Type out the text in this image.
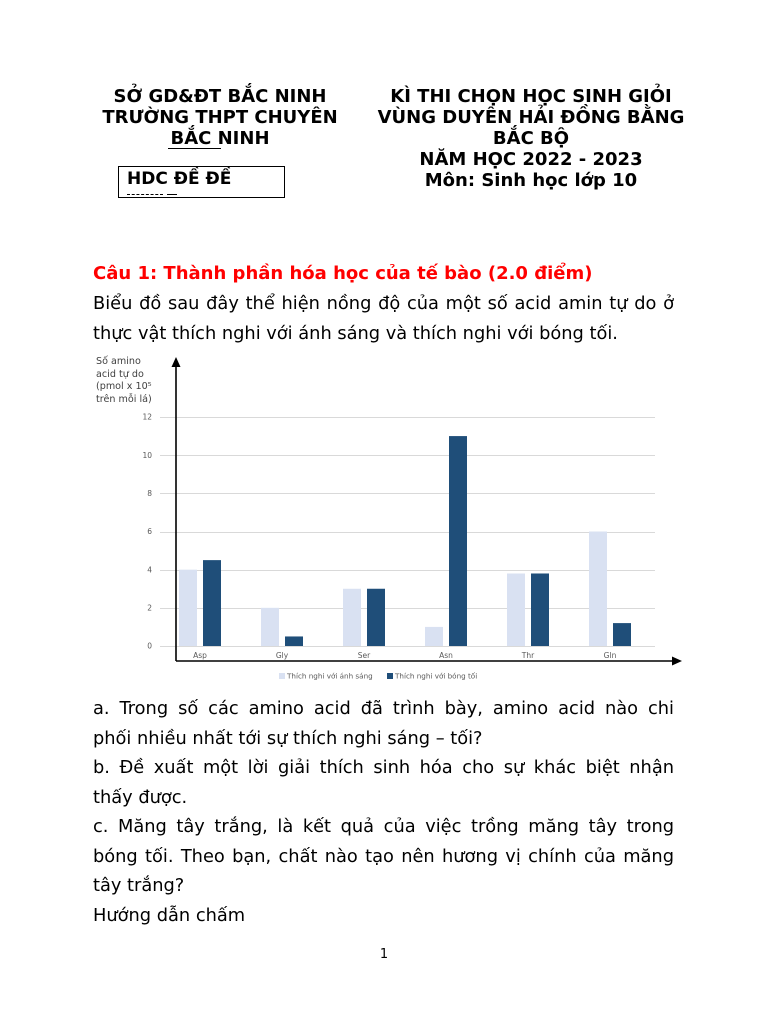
SỞ GD&ĐT BẮC NINH
TRƯỜNG THPT CHUYÊN
BẮC NINH
KÌ THI CHỌN HỌC SINH GIỎI
VÙNG DUYÊN HẢI ĐỒNG BẰNG
BẮC BỘ
NĂM HỌC 2022 - 2023
Môn: Sinh học lớp 10
HDC ĐỀ ĐỀ
Câu 1: Thành phần hóa học của tế bào (2.0 điểm)
Biểu đồ sau đây thể hiện nồng độ của một số acid amin tự do ở
thực vật thích nghi với ánh sáng và thích nghi với bóng tối.
0
2
4
6
8
10
12
Asp	Gly	Ser	Asn	Thr	Gln
Thích nghi với ánh sáng	Thích nghi với bóng tối
Số amino
acid tự do
(pmol x 10⁵
trên mỗi lá)
a. Trong số các amino acid đã trình bày, amino acid nào chi
phối nhiều nhất tới sự thích nghi sáng – tối?
b. Đề xuất một lời giải thích sinh hóa cho sự khác biệt nhận
thấy được.
c. Măng tây trắng, là kết quả của việc trồng măng tây trong
bóng tối. Theo bạn, chất nào tạo nên hương vị chính của măng
tây trắng?
Hướng dẫn chấm
1
